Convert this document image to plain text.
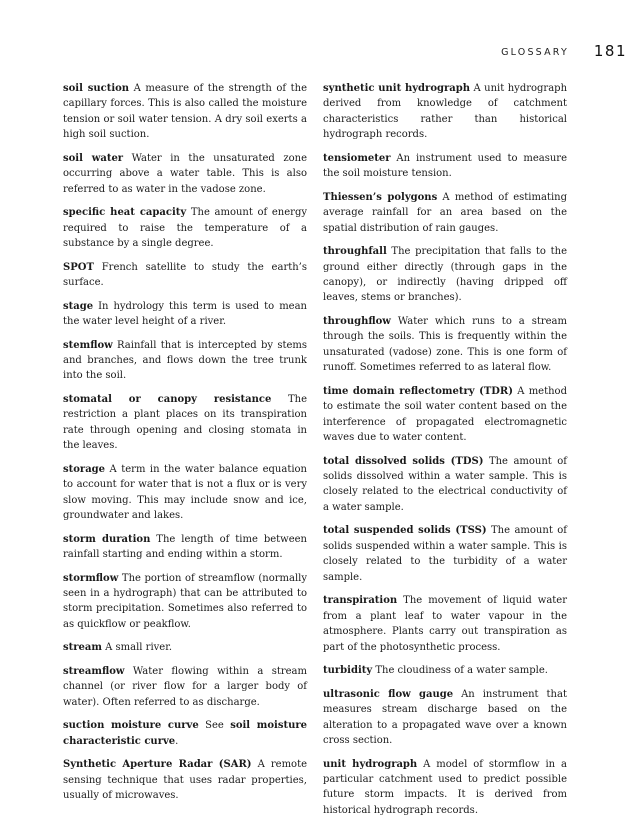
GLOSSARY 181

soil suction A measure of the strength of the capillary forces. This is also called the moisture tension or soil water tension. A dry soil exerts a high soil suction.

soil water Water in the unsaturated zone occurring above a water table. This is also referred to as water in the vadose zone.

specific heat capacity The amount of energy required to raise the temperature of a substance by a single degree.

SPOT French satellite to study the earth’s surface.

stage In hydrology this term is used to mean the water level height of a river.

stemflow Rainfall that is intercepted by stems and branches, and flows down the tree trunk into the soil.

stomatal or canopy resistance The restriction a plant places on its transpiration rate through opening and closing stomata in the leaves.

storage A term in the water balance equation to account for water that is not a flux or is very slow moving. This may include snow and ice, groundwater and lakes.

storm duration The length of time between rainfall starting and ending within a storm.

stormflow The portion of streamflow (normally seen in a hydrograph) that can be attributed to storm precipitation. Sometimes also referred to as quickflow or peakflow.

stream A small river.

streamflow Water flowing within a stream channel (or river flow for a larger body of water). Often referred to as discharge.

suction moisture curve See soil moisture characteristic curve.

Synthetic Aperture Radar (SAR) A remote sensing technique that uses radar properties, usually of microwaves.

synthetic unit hydrograph A unit hydrograph derived from knowledge of catchment characteristics rather than historical hydrograph records.

tensiometer An instrument used to measure the soil moisture tension.

Thiessen’s polygons A method of estimating average rainfall for an area based on the spatial distribution of rain gauges.

throughfall The precipitation that falls to the ground either directly (through gaps in the canopy), or indirectly (having dripped off leaves, stems or branches).

throughflow Water which runs to a stream through the soils. This is frequently within the unsaturated (vadose) zone. This is one form of runoff. Sometimes referred to as lateral flow.

time domain reflectometry (TDR) A method to estimate the soil water content based on the interference of propagated electromagnetic waves due to water content.

total dissolved solids (TDS) The amount of solids dissolved within a water sample. This is closely related to the electrical conductivity of a water sample.

total suspended solids (TSS) The amount of solids suspended within a water sample. This is closely related to the turbidity of a water sample.

transpiration The movement of liquid water from a plant leaf to water vapour in the atmosphere. Plants carry out transpiration as part of the photosynthetic process.

turbidity The cloudiness of a water sample.

ultrasonic flow gauge An instrument that measures stream discharge based on the alteration to a propagated wave over a known cross section.

unit hydrograph A model of stormflow in a particular catchment used to predict possible future storm impacts. It is derived from historical hydrograph records.
